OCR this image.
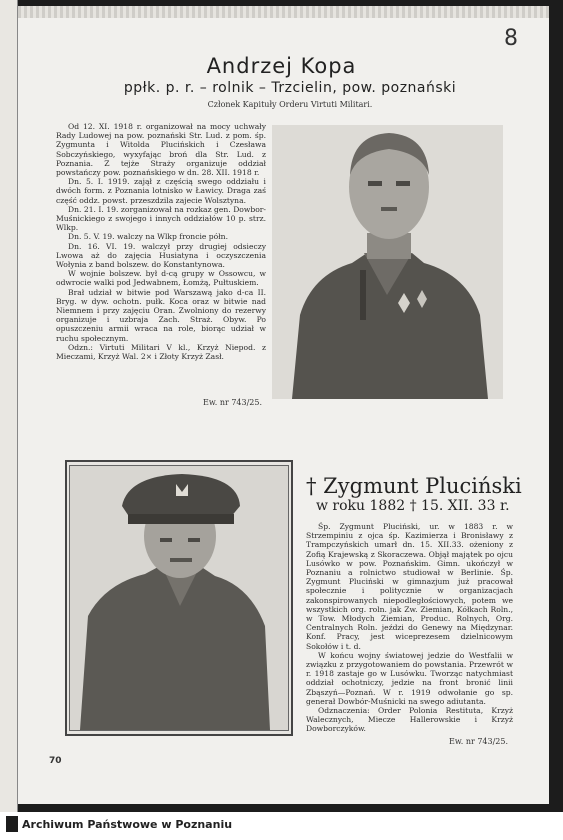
8
Andrzej Kopa
ppłk. p. r. – rolnik – Trzcielin, pow. poznański
Członek Kapituły Orderu Virtuti Militari.

Od 12. XI. 1918 r. organizował na mocy uchwały Rady Ludowej na pow. poznański Str. Lud. z pom. śp. Zygmunta i Witolda Plucińskich i Czesława Sobczyńskiego, wyxyfając broń dla Str. Lud. z Poznania. Z tejże Straży organizuje oddział powstańczy pow. poznańskiego w dn. 28. XII. 1918 r.

Dn. 5. I. 1919. zajął z częścią swego oddziału i dwóch form. z Poznania lotnisko w Ławicy. Draga zaś część oddz. powst. przeszdzila zajecie Wolsztyna.

Dn. 21. I. 19. zorganizował na rozkaz gen. Dowbor-Muśnickiego z swojego i innych oddziałów 10 p. strz. Wlkp.

Dn. 5. V. 19. walczy na Wlkp froncie półn.

Dn. 16. VI. 19. walczył przy drugiej odsieczy Lwowa aż do zajęcia Husiatyna i oczyszczenia Wołynia z band bolszew. do Konstantynowa.

W wojnie bolszew. był d-cą grupy w Ossowcu, w odwrocie walki pod Jedwabnem, Łomżą, Pułtuskiem.

Brał udział w bitwie pod Warszawą jako d-ca II. Bryg. w dyw. ochotn. pułk. Koca oraz w bitwie nad Niemnem i przy zajęciu Oran. Zwolniony do rezerwy organizuje i uzbraja Zach. Straż. Obyw. Po opuszczeniu armii wraca na role, biorąc udział w ruchu społecznym.

Odzn.: Virtuti Militari V kl., Krzyż Niepod. z Mieczami, Krzyż Wal. 2× i Złoty Krzyż Zasł.

Ew. nr 743/25.
† Zygmunt Pluciński
w roku 1882 † 15. XII. 33 r.

Śp. Zygmunt Pluciński, ur. w 1883 r. w Strzempiniu z ojca śp. Kazimierza i Bronisławy z Trampczyńskich umarł dn. 15. XII.33. ożeniony z Zofią Krajewską z Skoraczewa. Objął majątek po ojcu Lusówko w pow. Poznańskim. Gimn. ukończył w Poznaniu a rolnictwo studiował w Berlinie. Śp. Zygmunt Pluciński w gimnazjum już pracował społecznie i politycznie w organizacjach zakonspirowanych niepodległościowych, potem we wszystkich org. roln. jak Zw. Ziemian, Kółkach Roln., w Tow. Młodych Ziemian, Produc. Rolnych, Org. Centralnych Roln. jeździ do Genewy na Międzynar. Konf. Pracy, jest wiceprezesem dzielnicowym Sokołów i t. d.

W końcu wojny światowej jedzie do Westfalii w związku z przygotowaniem do powstania. Przewrót w r. 1918 zastaje go w Lusówku. Tworząc natychmiast oddział ochotniczy, jedzie na front bronić linii Zbąszyń—Poznań. W r. 1919 odwołanie go sp. generał Dowbór-Muśnicki na swego adiutanta.

Odznaczenia: Order Polonia Restituta, Krzyż Walecznych, Miecze Hallerowskie i Krzyż Dowborczyków.

Ew. nr 743/25.
70
Archiwum Państwowe w Poznaniu
